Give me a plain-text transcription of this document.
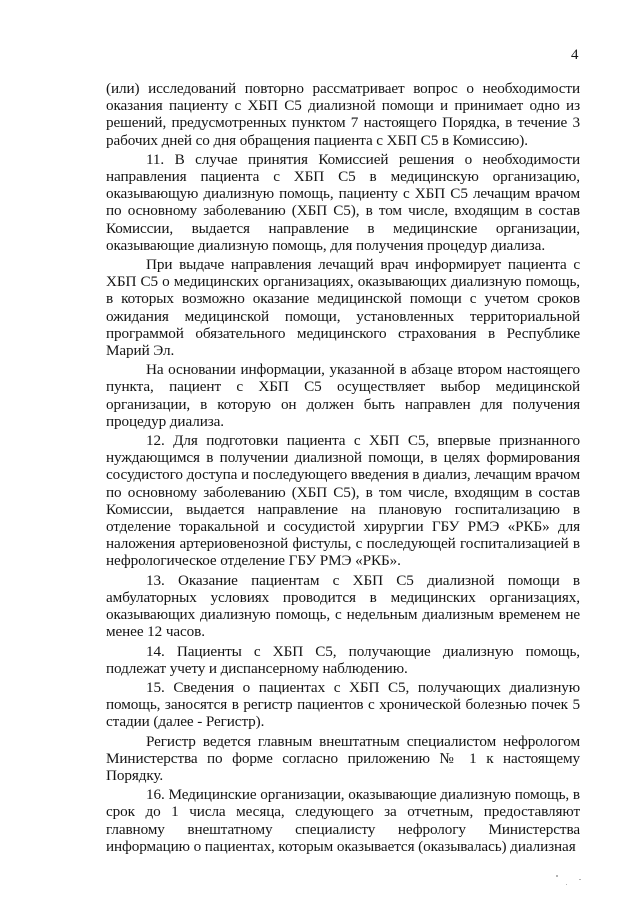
4

(или) исследований повторно рассматривает вопрос о необходимости оказания пациенту с ХБП С5 диализной помощи и принимает одно из решений, предусмотренных пунктом 7 настоящего Порядка, в течение 3 рабочих дней со дня обращения пациента с ХБП С5 в Комиссию).

11. В случае принятия Комиссией решения о необходимости направления пациента с ХБП С5 в медицинскую организацию, оказывающую диализную помощь, пациенту с ХБП С5 лечащим врачом по основному заболеванию (ХБП С5), в том числе, входящим в состав Комиссии, выдается направление в медицинские организации, оказывающие диализную помощь, для получения процедур диализа.

При выдаче направления лечащий врач информирует пациента с ХБП С5 о медицинских организациях, оказывающих диализную помощь, в которых возможно оказание медицинской помощи с учетом сроков ожидания медицинской помощи, установленных территориальной программой обязательного медицинского страхования в Республике Марий Эл.

На основании информации, указанной в абзаце втором настоящего пункта, пациент с ХБП С5 осуществляет выбор медицинской организации, в которую он должен быть направлен для получения процедур диализа.

12. Для подготовки пациента с ХБП С5, впервые признанного нуждающимся в получении диализной помощи, в целях формирования сосудистого доступа и последующего введения в диализ, лечащим врачом по основному заболеванию (ХБП С5), в том числе, входящим в состав Комиссии, выдается направление на плановую госпитализацию в отделение торакальной и сосудистой хирургии ГБУ РМЭ «РКБ» для наложения артериовенозной фистулы, с последующей госпитализацией в нефрологическое отделение ГБУ РМЭ «РКБ».

13. Оказание пациентам с ХБП С5 диализной помощи в амбулаторных условиях проводится в медицинских организациях, оказывающих диализную помощь, с недельным диализным временем не менее 12 часов.

14. Пациенты с ХБП С5, получающие диализную помощь, подлежат учету и диспансерному наблюдению.

15. Сведения о пациентах с ХБП С5, получающих диализную помощь, заносятся в регистр пациентов с хронической болезнью почек 5 стадии (далее - Регистр).

Регистр ведется главным внештатным специалистом нефрологом Министерства по форме согласно приложению № 1 к настоящему Порядку.

16. Медицинские организации, оказывающие диализную помощь, в срок до 1 числа месяца, следующего за отчетным, предоставляют главному внештатному специалисту нефрологу Министерства информацию о пациентах, которым оказывается (оказывалась) диализная
